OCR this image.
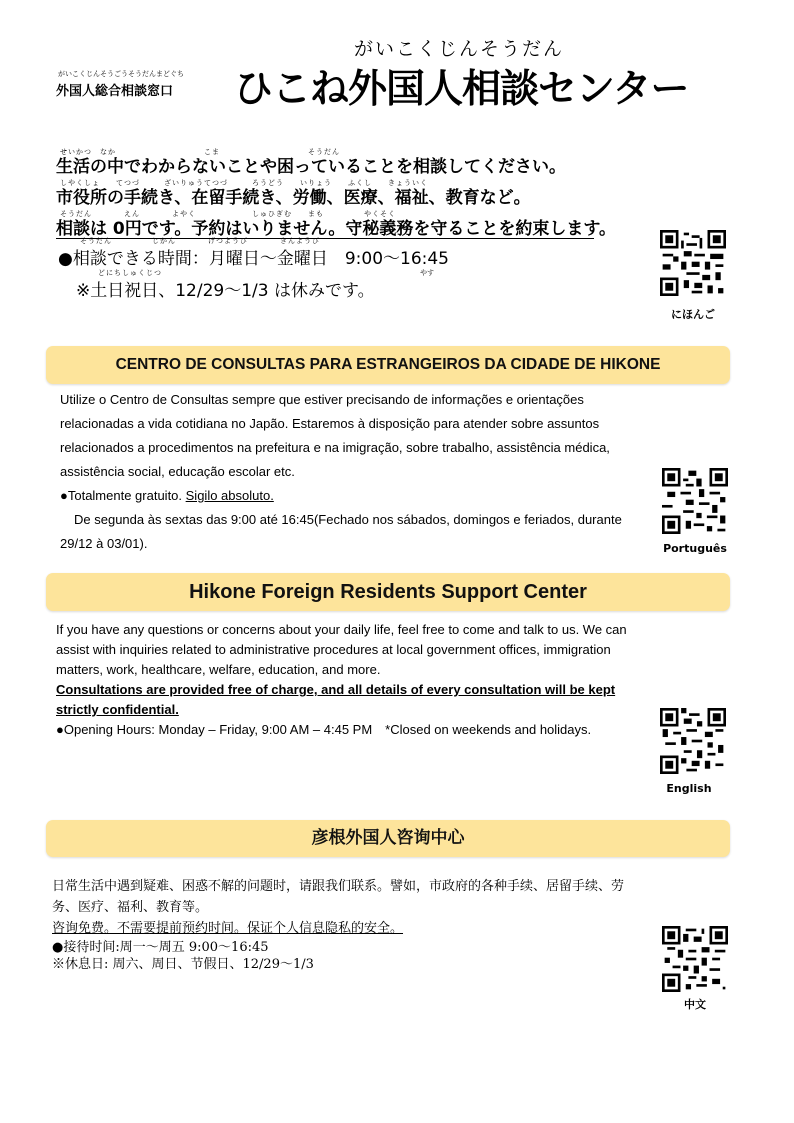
がいこくじんそうごうそうだんまどぐち
外国人総合相談窓口
がいこくじんそうだん
ひこね外国人相談センター
せいかつ　なか　　　　　　　　　　　こま　　　　　　　　　　　そうだん
生活の中でわからないことや困っていることを相談してください。
しやくしょ　　てつづ　　　ざいりゅうてつづ　　　ろうどう　　いりょう　　ふくし　　きょういく
市役所の手続き、在留手続き、労働、医療、福祉、教育など。
そうだん　　　　えん　　　　よやく　　　　　　　しゅひぎむ　　まも　　　　　やくそく
相談は 0円です。予約はいりません。守秘義務を守ることを約束します。
そうだん　　　　　じかん　　　　げつようび　　　　きんようび
●相談できる時間：月曜日～金曜日　9:00～16:45
どにちしゅくじつ	やす
※土日祝日、12/29～1/3 は休みです。
にほんご
CENTRO DE CONSULTAS PARA ESTRANGEIROS DA CIDADE DE HIKONE
Utilize o Centro de Consultas sempre que estiver precisando de informações e orientações relacionadas a vida cotidiana no Japão. Estaremos à disposição para atender sobre assuntos relacionados a procedimentos na prefeitura e na imigração, sobre trabalho, assistência médica, assistência social, educação escolar etc.
●Totalmente gratuito. Sigilo absoluto.
De segunda às sextas das 9:00 até 16:45(Fechado nos sábados, domingos e feriados, durante 29/12 à 03/01).	Português
Hikone Foreign Residents Support Center
If you have any questions or concerns about your daily life, feel free to come and talk to us. We can assist with inquiries related to administrative procedures at local government offices, immigration matters, work, healthcare, welfare, education, and more.
Consultations are provided free of charge, and all details of every consultation will be kept strictly confidential.
●Opening Hours: Monday – Friday, 9:00 AM – 4:45 PM　*Closed on weekends and holidays.
English
彦根外国人咨询中心
日常生活中遇到疑难、困惑不解的问题时，请跟我们联系。譬如，市政府的各种手续、居留手续、劳务、医疗、福利、教育等。
咨询免费。不需要提前预约时间。保证个人信息隐私的安全。
●接待时间:周一～周五 9:00～16:45
※休息日: 周六、周日、节假日、12/29～1/3
中文
